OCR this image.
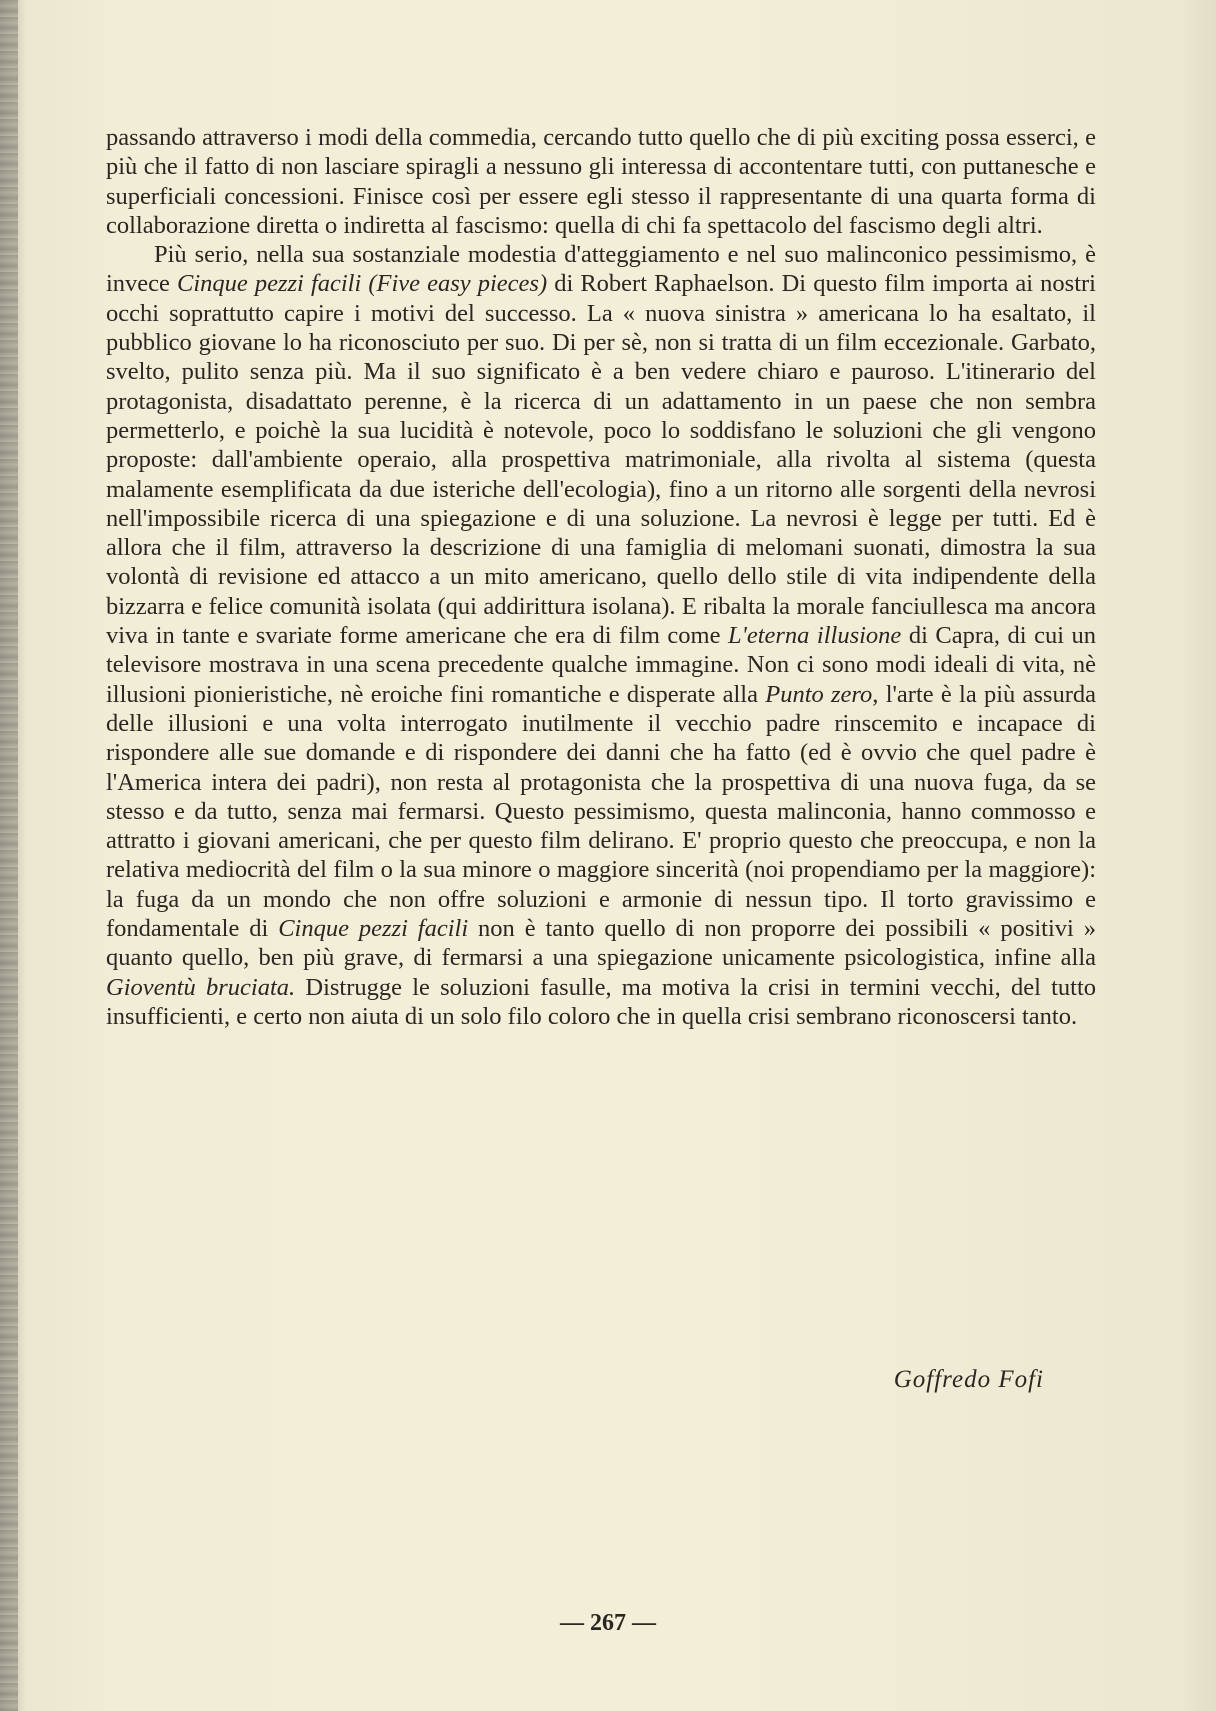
passando attraverso i modi della commedia, cercando tutto quello che di più exciting possa esserci, e più che il fatto di non lasciare spiragli a nessuno gli interessa di accontentare tutti, con puttanesche e superficiali concessioni. Finisce così per essere egli stesso il rappresentante di una quarta forma di collaborazione diretta o indiretta al fascismo: quella di chi fa spettacolo del fascismo degli altri.

Più serio, nella sua sostanziale modestia d'atteggiamento e nel suo malinconico pessimismo, è invece Cinque pezzi facili (Five easy pieces) di Robert Raphaelson. Di questo film importa ai nostri occhi soprattutto capire i motivi del successo. La « nuova sinistra » americana lo ha esaltato, il pubblico giovane lo ha riconosciuto per suo. Di per sè, non si tratta di un film eccezionale. Garbato, svelto, pulito senza più. Ma il suo significato è a ben vedere chiaro e pauroso. L'itinerario del protagonista, disadattato perenne, è la ricerca di un adattamento in un paese che non sembra permetterlo, e poichè la sua lucidità è notevole, poco lo soddisfano le soluzioni che gli vengono proposte: dall'ambiente operaio, alla prospettiva matrimoniale, alla rivolta al sistema (questa malamente esemplificata da due isteriche dell'ecologia), fino a un ritorno alle sorgenti della nevrosi nell'impossibile ricerca di una spiegazione e di una soluzione. La nevrosi è legge per tutti. Ed è allora che il film, attraverso la descrizione di una famiglia di melomani suonati, dimostra la sua volontà di revisione ed attacco a un mito americano, quello dello stile di vita indipendente della bizzarra e felice comunità isolata (qui addirittura isolana). E ribalta la morale fanciullesca ma ancora viva in tante e svariate forme americane che era di film come L'eterna illusione di Capra, di cui un televisore mostrava in una scena precedente qualche immagine. Non ci sono modi ideali di vita, nè illusioni pionieristiche, nè eroiche fini romantiche e disperate alla Punto zero, l'arte è la più assurda delle illusioni e una volta interrogato inutilmente il vecchio padre rinscemito e incapace di rispondere alle sue domande e di rispondere dei danni che ha fatto (ed è ovvio che quel padre è l'America intera dei padri), non resta al protagonista che la prospettiva di una nuova fuga, da se stesso e da tutto, senza mai fermarsi. Questo pessimismo, questa malinconia, hanno commosso e attratto i giovani americani, che per questo film delirano. E' proprio questo che preoccupa, e non la relativa mediocrità del film o la sua minore o maggiore sincerità (noi propendiamo per la maggiore): la fuga da un mondo che non offre soluzioni e armonie di nessun tipo. Il torto gravissimo e fondamentale di Cinque pezzi facili non è tanto quello di non proporre dei possibili « positivi » quanto quello, ben più grave, di fermarsi a una spiegazione unicamente psicologistica, infine alla Gioventù bruciata. Distrugge le soluzioni fasulle, ma motiva la crisi in termini vecchi, del tutto insufficienti, e certo non aiuta di un solo filo coloro che in quella crisi sembrano riconoscersi tanto.

Goffredo Fofi
— 267 —
